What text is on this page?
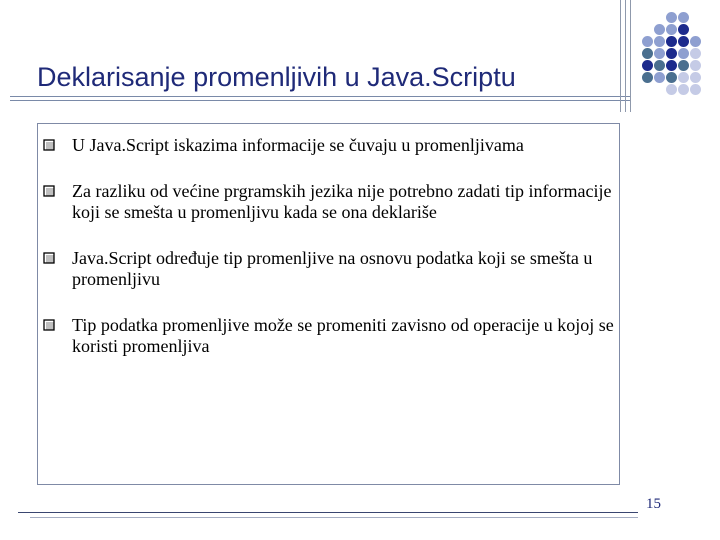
Deklarisanje promenljivih u Java.Scriptu
U Java.Script iskazima informacije se čuvaju u promenljivama
Za razliku od većine prgramskih jezika nije potrebno zadati tip informacije koji se smešta u promenljivu kada se ona deklariše
Java.Script određuje tip promenljive na osnovu podatka koji se smešta u promenljivu
Tip podatka promenljive može se promeniti zavisno od operacije u kojoj se koristi promenljiva
15
